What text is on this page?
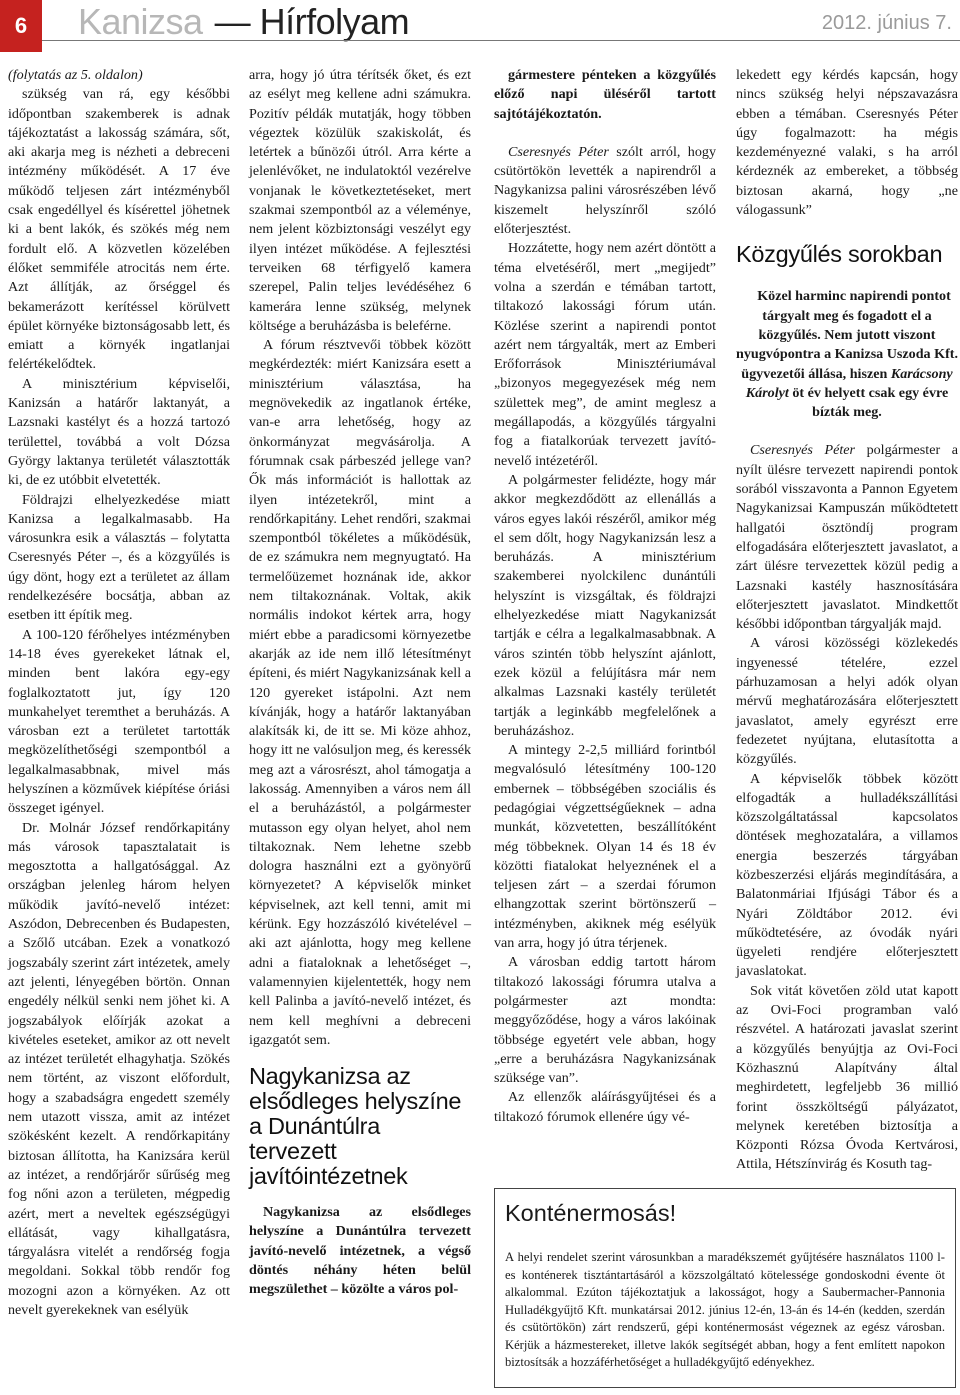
6	Kanizsa — Hírfolyam	2012. június 7.

(folytatás az 5. oldalon)

szükség van rá, egy későbbi időpontban szakemberek is adnak tájékoztatást a lakosság számára, sőt, aki akarja meg is nézheti a debreceni intézmény működését. A 17 éve működő teljesen zárt intézményből csak engedéllyel és kísérettel jöhetnek ki a bent lakók, és szökés még nem fordult elő. A közvetlen közelében élőket semmiféle atrocitás nem érte. Azt állítják, az őrséggel és bekamerázott kerítéssel körülvett épület környéke biztonságosabb lett, és emiatt a környék ingatlanjai felértékelődtek.

A minisztérium képviselői, Kanizsán a határőr laktanyát, a Lazsnaki kastélyt és a hozzá tartozó területtel, továbbá a volt Dózsa György laktanya területét választották ki, de ez utóbbit elvetették.

Földrajzi elhelyezkedése miatt Kanizsa a legalkalmasabb. Ha városunkra esik a választás – folytatta Cseresnyés Péter –, és a közgyűlés is úgy dönt, hogy ezt a területet az állam rendelkezésére bocsátja, abban az esetben itt építik meg.

A 100-120 férőhelyes intézményben 14-18 éves gyerekeket látnak el, minden bent lakóra egy-egy foglalkoztatott jut, így 120 munkahelyet teremthet a beruházás. A városban ezt a területet tartották megközelíthetőségi szempontból a legalkalmasabbnak, mivel más helyszínen a közművek kiépítése óriási összeget igényel.

Dr. Molnár József rendőrkapitány más városok tapasztalatait is megosztotta a hallgatósággal. Az országban jelenleg három helyen működik javító-nevelő intézet: Aszódon, Debrecenben és Budapesten, a Szőlő utcában. Ezek a vonatkozó jogszabály szerint zárt intézetek, amely azt jelenti, lényegében börtön. Onnan engedély nélkül senki nem jöhet ki. A jogszabályok előírják azokat a kivételes eseteket, amikor az ott nevelt az intézet területét elhagyhatja. Szökés nem történt, az viszont előfordult, hogy a szabadságra engedett személy nem utazott vissza, amit az intézet szökésként kezelt. A rendőrkapitány biztosan állította, ha Kanizsára kerül az intézet, a rendőrjárőr sűrűség meg fog nőni azon a területen, mégpedig azért, mert a neveltek egészségügyi ellátását, vagy kihallgatásra, tárgyalásra vitelét a rendőrség fogja megoldani. Sokkal több rendőr fog mozogni azon a környéken. Az ott nevelt gyerekeknek van esélyük

arra, hogy jó útra térítsék őket, és ezt az esélyt meg kellene adni számukra. Pozitív példák mutatják, hogy többen végeztek közülük szakiskolát, és letértek a bűnözői útról. Arra kérte a jelenlévőket, ne indulatoktól vezérelve vonjanak le következtetéseket, mert szakmai szempontból az a véleménye, nem jelent közbiztonsági veszélyt egy ilyen intézet működése. A fejlesztési terveiken 68 térfigyelő kamera szerepel, Palin teljes levédéséhez 6 kamerára lenne szükség, melynek költsége a beruházásba is beleférne.

A fórum résztvevői többek között megkérdezték: miért Kanizsára esett a minisztérium választása, ha megnövekedik az ingatlanok értéke, van-e arra lehetőség, hogy az önkormányzat megvásárolja. A fórumnak csak párbeszéd jellege van? Ők más információt is hallottak az ilyen intézetekről, mint a rendőrkapitány. Lehet rendőri, szakmai szempontból tökéletes a működésük, de ez számukra nem megnyugtató. Ha termelőüzemet hoznának ide, akkor nem tiltakoznának. Voltak, akik normális indokot kértek arra, hogy miért ebbe a paradicsomi környezetbe akarják az ide nem illő létesítményt építeni, és miért Nagykanizsának kell a 120 gyereket istápolni. Azt nem kívánják, hogy a határőr laktanyában alakítsák ki, de itt se. Mi köze ahhoz, hogy itt ne valósuljon meg, és keressék meg azt a városrészt, ahol támogatja a lakosság. Amennyiben a város nem áll el a beruházástól, a polgármester mutasson egy olyan helyet, ahol nem tiltakoznak. Nem lehetne szebb dologra használni ezt a gyönyörű környezetet? A képviselők minket képviselnek, azt kell tenni, amit mi kérünk. Egy hozzászóló kivételével – aki azt ajánlotta, hogy meg kellene adni a fiataloknak a lehetőséget –, valamennyien kijelentették, hogy nem kell Palinba a javító-nevelő intézet, és nem kell meghívni a debreceni igazgatót sem.

Nagykanizsa az elsődleges helyszíne a Dunántúlra tervezett javítóintézetnek

Nagykanizsa az elsődleges helyszíne a Dunántúlra tervezett javító-nevelő intézetnek, a végső döntés néhány héten belül megszülethet – közölte a város pol-

gármestere pénteken a közgyűlés előző napi üléséről tartott sajtótájékoztatón.

Cseresnyés Péter szólt arról, hogy csütörtökön levették a napirendről a Nagykanizsa palini városrészében lévő kiszemelt helyszínről szóló előterjesztést.

Hozzátette, hogy nem azért döntött a téma elvetéséről, mert „megijedt” volna a szerdán e témában tartott, tiltakozó lakossági fórum után. Közlése szerint a napirendi pontot azért nem tárgyalták, mert az Emberi Erőforrások Minisztériumával „bizonyos megegyezések még nem születtek meg”, de amint meglesz a megállapodás, a közgyűlés tárgyalni fog a fiatalkorúak tervezett javító-nevelő intézetéről.

A polgármester felidézte, hogy már akkor megkezdődött az ellenállás a város egyes lakói részéről, amikor még el sem dőlt, hogy Nagykanizsán lesz a beruházás. A minisztérium szakemberei nyolckilenc dunántúli helyszínt is vizsgáltak, és földrajzi elhelyezkedése miatt Nagykanizsát tartják e célra a legalkalmasabbnak. A város szintén több helyszínt ajánlott, ezek közül a felújításra már nem alkalmas Lazsnaki kastély területét tartják a leginkább megfelelőnek a beruházáshoz.

A mintegy 2-2,5 milliárd forintból megvalósuló létesítmény 100-120 embernek – többségében szociális és pedagógiai végzettségűeknek – adna munkát, közvetetten, beszállítóként még többeknek. Olyan 14 és 18 év közötti fiatalokat helyeznének el a teljesen zárt – a szerdai fórumon elhangzottak szerint börtönszerű – intézményben, akiknek még esélyük van arra, hogy jó útra térjenek.

A városban eddig tartott három tiltakozó lakossági fórumra utalva a polgármester azt mondta: meggyőződése, hogy a város lakóinak többsége egyetért vele abban, hogy „erre a beruházásra Nagykanizsának szüksége van”.

Az ellenzők aláírásgyűjtései és a tiltakozó fórumok ellenére úgy vé-

lekedett egy kérdés kapcsán, hogy nincs szükség helyi népszavazásra ebben a témában. Cseresnyés Péter úgy fogalmazott: ha mégis kezdeményezné valaki, s ha arról kérdeznék az embereket, a többség biztosan akarná, hogy „ne válogassunk”

Közgyűlés sorokban

Közel harminc napirendi pontot tárgyalt meg és fogadott el a közgyűlés. Nem jutott viszont nyugvópontra a Kanizsa Uszoda Kft. ügyvezetői állása, hiszen Karácsony Károlyt öt év helyett csak egy évre bízták meg.

Cseresnyés Péter polgármester a nyílt ülésre tervezett napirendi pontok sorából visszavonta a Pannon Egyetem Nagykanizsai Kampuszán működtetett hallgatói ösztöndíj program elfogadására előterjesztett javaslatot, a zárt ülésre tervezettek közül pedig a Lazsnaki kastély hasznosítására előterjesztett javaslatot. Mindkettőt későbbi időpontban tárgyalják majd.

A városi közösségi közlekedés ingyenessé tételére, ezzel párhuzamosan a helyi adók olyan mérvű meghatározására előterjesztett javaslatot, amely egyrészt erre fedezetet nyújtana, elutasította a közgyűlés.

A képviselők többek között elfogadták a hulladékszállítási közszolgáltatással kapcsolatos döntések meghozatalára, a villamos energia beszerzés tárgyában közbeszerzési eljárás megindítására, a Balatonmáriai Ifjúsági Tábor és a Nyári Zöldtábor 2012. évi működtetésére, az óvodák nyári ügyeleti rendjére előterjesztett javaslatokat.

Sok vitát követően zöld utat kapott az Ovi-Foci programban való részvétel. A határozati javaslat szerint a közgyűlés benyújtja az Ovi-Foci Közhasznú Alapítvány által meghirdetett, legfeljebb 36 millió forint összköltségű pályázatot, melynek keretében biztosítja a Központi Rózsa Óvoda Kertvárosi, Attila, Hétszínvirág és Kosuth tag-

Konténermosás!

A helyi rendelet szerint városunkban a maradékszemét gyűjtésére használatos 1100 l-es konténerek tisztántartásáról a közszolgáltató kötelessége gondoskodni évente öt alkalommal. Ezúton tájékoztatjuk a lakosságot, hogy a Saubermacher-Pannonia Hulladékgyűjtő Kft. munkatársai 2012. június 12-én, 13-án és 14-én (kedden, szerdán és csütörtökön) zárt rendszerű, gépi konténermosást végeznek az egész városban. Kérjük a házmestereket, illetve lakók segítségét abban, hogy a fent említett napokon biztosítsák a hozzáférhetőséget a hulladékgyűjtő edényekhez.
